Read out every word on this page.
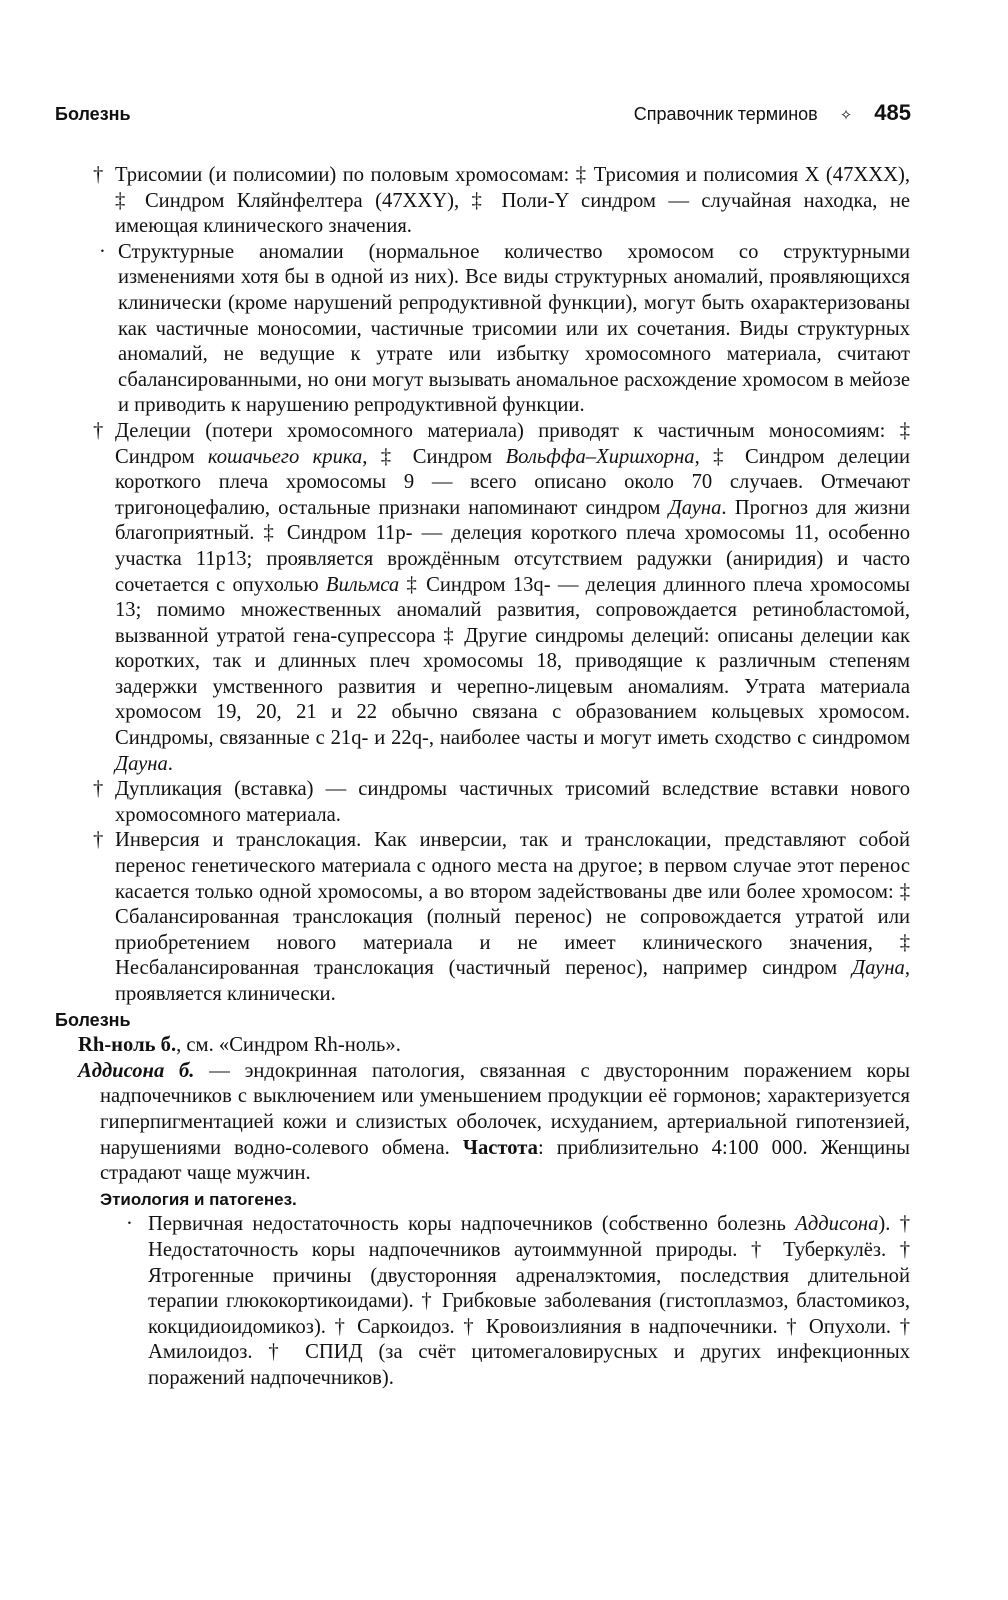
Болезнь	Справочник терминов ✧ 485

† Трисомии (и полисомии) по половым хромосомам: ‡ Трисомия и полисомия X (47XXX), ‡ Синдром Кляйнфелтера (47XXY), ‡ Поли-Y синдром — случайная находка, не имеющая клинического значения.

· Структурные аномалии (нормальное количество хромосом со структурными изменениями хотя бы в одной из них). Все виды структурных аномалий, проявляющихся клинически (кроме нарушений репродуктивной функции), могут быть охарактеризованы как частичные моносомии, частичные трисомии или их сочетания. Виды структурных аномалий, не ведущие к утрате или избытку хромосомного материала, считают сбалансированными, но они могут вызывать аномальное расхождение хромосом в мейозе и приводить к нарушению репродуктивной функции.

† Делеции (потери хромосомного материала) приводят к частичным моносомиям: ‡ Синдром кошачьего крика, ‡ Синдром Вольффа–Хиршхорна, ‡ Синдром делеции короткого плеча хромосомы 9 — всего описано около 70 случаев. Отмечают тригоноцефалию, остальные признаки напоминают синдром Дауна. Прогноз для жизни благоприятный. ‡ Синдром 11p- — делеция короткого плеча хромосомы 11, особенно участка 11p13; проявляется врождённым отсутствием радужки (аниридия) и часто сочетается с опухолью Вильмса ‡ Синдром 13q- — делеция длинного плеча хромосомы 13; помимо множественных аномалий развития, сопровождается ретинобластомой, вызванной утратой гена-супрессора ‡ Другие синдромы делеций: описаны делеции как коротких, так и длинных плеч хромосомы 18, приводящие к различным степеням задержки умственного развития и черепно-лицевым аномалиям. Утрата материала хромосом 19, 20, 21 и 22 обычно связана с образованием кольцевых хромосом. Синдромы, связанные с 21q- и 22q-, наиболее часты и могут иметь сходство с синдромом Дауна.

† Дупликация (вставка) — синдромы частичных трисомий вследствие вставки нового хромосомного материала.

† Инверсия и транслокация. Как инверсии, так и транслокации, представляют собой перенос генетического материала с одного места на другое; в первом случае этот перенос касается только одной хромосомы, а во втором задействованы две или более хромосом: ‡ Сбалансированная транслокация (полный перенос) не сопровождается утратой или приобретением нового материала и не имеет клинического значения, ‡ Несбалансированная транслокация (частичный перенос), например синдром Дауна, проявляется клинически.

Болезнь

Rh-ноль б., см. «Синдром Rh-ноль».

Аддисона б. — эндокринная патология, связанная с двусторонним поражением коры надпочечников с выключением или уменьшением продукции её гормонов; характеризуется гиперпигментацией кожи и слизистых оболочек, исхуданием, артериальной гипотензией, нарушениями водно-солевого обмена. Частота: приблизительно 4:100 000. Женщины страдают чаще мужчин.

Этиология и патогенез.

· Первичная недостаточность коры надпочечников (собственно болезнь Аддисона). † Недостаточность коры надпочечников аутоиммунной природы. † Туберкулёз. † Ятрогенные причины (двусторонняя адреналэктомия, последствия длительной терапии глюкокортикоидами). † Грибковые заболевания (гистоплазмоз, бластомикоз, кокцидиоидомикоз). † Саркоидоз. † Кровоизлияния в надпочечники. † Опухоли. † Амилоидоз. † СПИД (за счёт цитомегаловирусных и других инфекционных поражений надпочечников).
